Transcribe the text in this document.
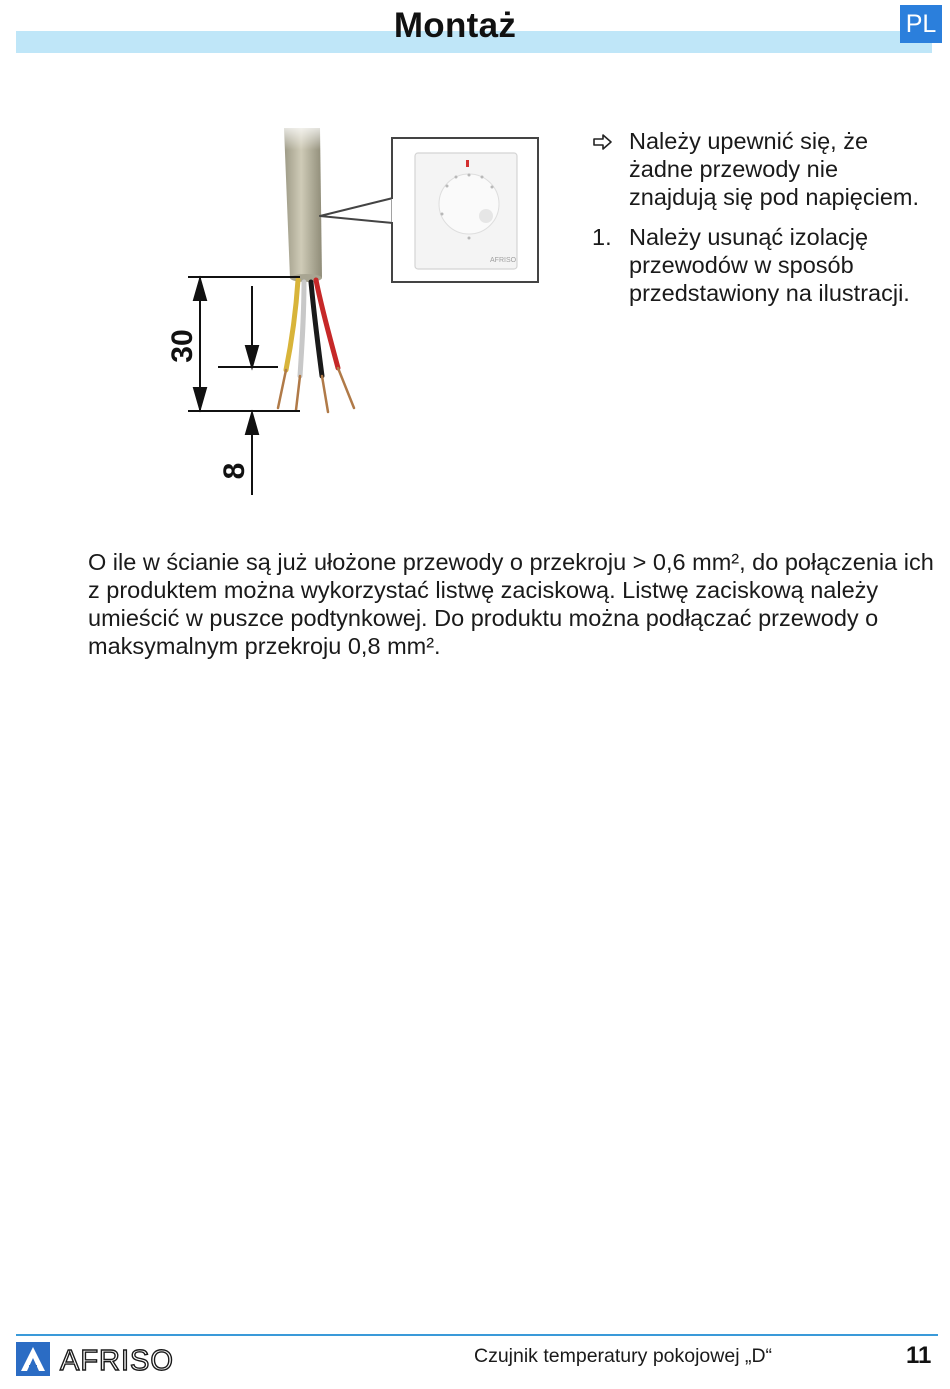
Montaż	PL
30
8
AFRISO
Należy upewnić się, że żadne przewody nie znajdują się pod napięciem.
1. Należy usunąć izolację przewodów w sposób przedstawiony na ilustracji.

O ile w ścianie są już ułożone przewody o przekroju > 0,6 mm², do połączenia ich z produktem można wykorzystać listwę zaciskową. Listwę zaciskową należy umieścić w puszce podtynkowej. Do produktu można podłączać przewody o maksymalnym przekroju 0,8 mm².

AFRISO	Czujnik temperatury pokojowej „D“	11
